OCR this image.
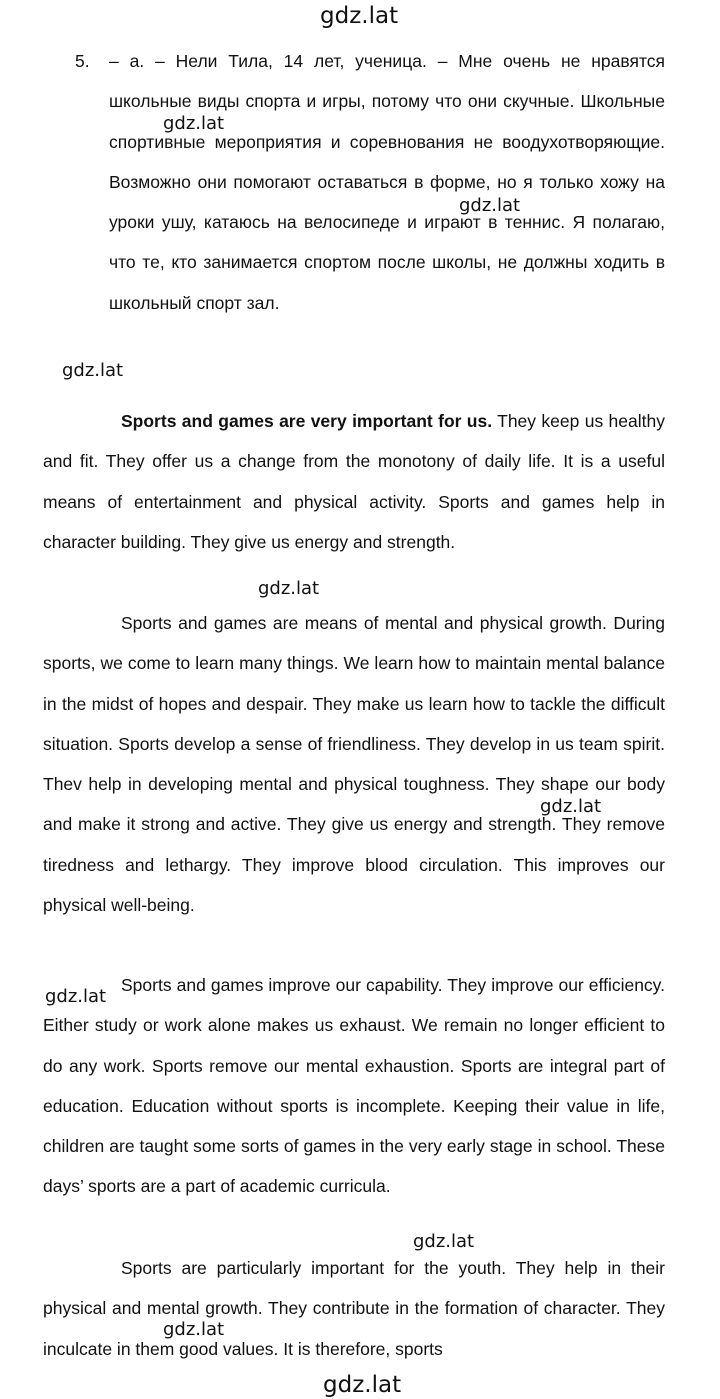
gdz.lat
gdz.lat
gdz.lat
gdz.lat
gdz.lat
gdz.lat
gdz.lat
gdz.lat
gdz.lat
gdz.lat
5. – а. – Нели Тила, 14 лет, ученица. – Мне очень не нравятся школьные виды спорта и игры, потому что они скучные. Школьные спортивные мероприятия и соревнования не воодухотворяющие. Возможно они помогают оставаться в форме, но я только хожу на уроки ушу, катаюсь на велосипеде и играют в теннис. Я полагаю, что те, кто занимается спортом после школы, не должны ходить в школьный спорт зал.

Sports and games are very important for us. They keep us healthy and fit. They offer us a change from the monotony of daily life. It is a useful means of entertainment and physical activity. Sports and games help in character building. They give us energy and strength.

Sports and games are means of mental and physical growth. During sports, we come to learn many things. We learn how to maintain mental balance in the midst of hopes and despair. They make us learn how to tackle the difficult situation. Sports develop a sense of friendliness. They develop in us team spirit. Thev help in developing mental and physical toughness. They shape our body and make it strong and active. They give us energy and strength. They remove tiredness and lethargy. They improve blood circulation. This improves our physical well-being.

Sports and games improve our capability. They improve our efficiency. Either study or work alone makes us exhaust. We remain no longer efficient to do any work. Sports remove our mental exhaustion. Sports are integral part of education. Education without sports is incomplete. Keeping their value in life, children are taught some sorts of games in the very early stage in school. These days’ sports are a part of academic curricula.

Sports are particularly important for the youth. They help in their physical and mental growth. They contribute in the formation of character. They inculcate in them good values. It is therefore, sports
